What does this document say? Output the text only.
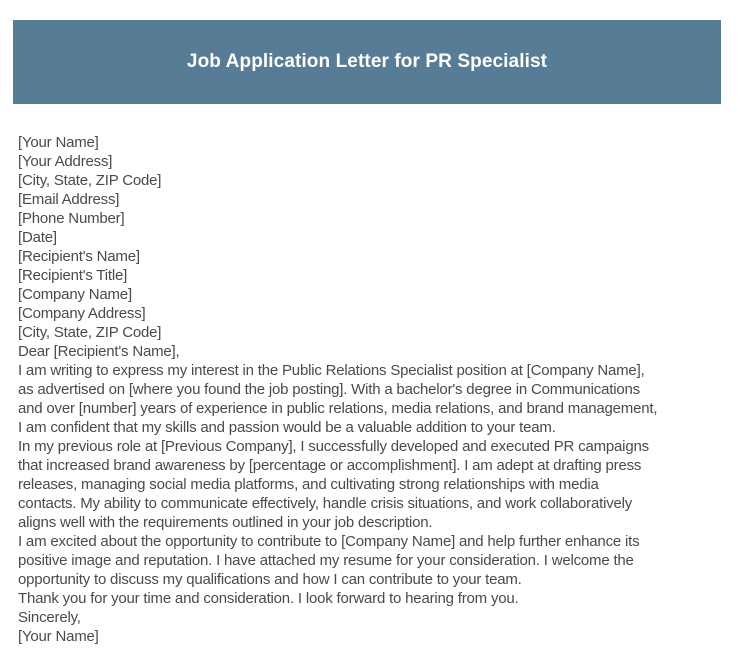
Job Application Letter for PR Specialist
[Your Name]
[Your Address]
[City, State, ZIP Code]
[Email Address]
[Phone Number]
[Date]
[Recipient's Name]
[Recipient's Title]
[Company Name]
[Company Address]
[City, State, ZIP Code]
Dear [Recipient's Name],
I am writing to express my interest in the Public Relations Specialist position at [Company Name],
as advertised on [where you found the job posting]. With a bachelor's degree in Communications
and over [number] years of experience in public relations, media relations, and brand management,
I am confident that my skills and passion would be a valuable addition to your team.
In my previous role at [Previous Company], I successfully developed and executed PR campaigns
that increased brand awareness by [percentage or accomplishment]. I am adept at drafting press
releases, managing social media platforms, and cultivating strong relationships with media
contacts. My ability to communicate effectively, handle crisis situations, and work collaboratively
aligns well with the requirements outlined in your job description.
I am excited about the opportunity to contribute to [Company Name] and help further enhance its
positive image and reputation. I have attached my resume for your consideration. I welcome the
opportunity to discuss my qualifications and how I can contribute to your team.
Thank you for your time and consideration. I look forward to hearing from you.
Sincerely,
[Your Name]
